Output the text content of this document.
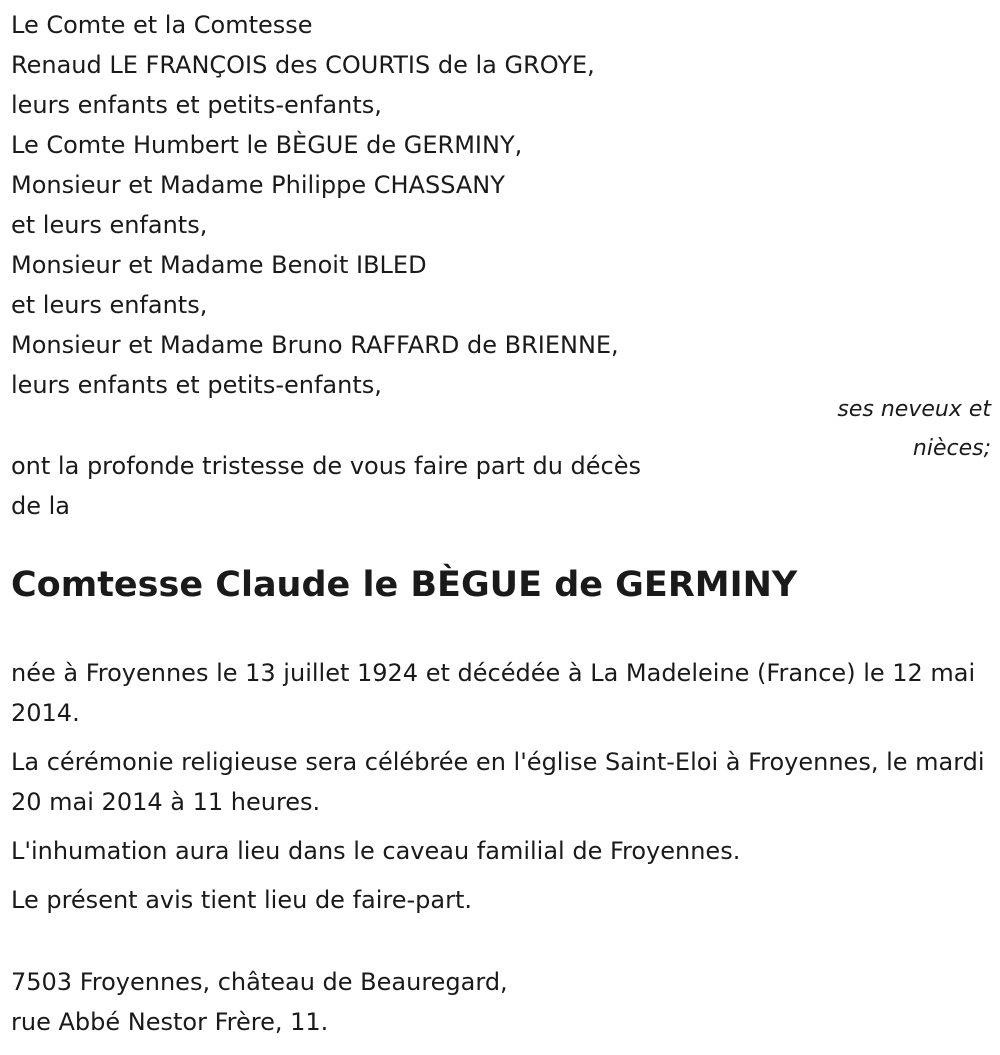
Le Comte et la Comtesse

Renaud LE FRANÇOIS des COURTIS de la GROYE,

leurs enfants et petits-enfants,

Le Comte Humbert le BÈGUE de GERMINY,

Monsieur et Madame Philippe CHASSANY

et leurs enfants,

Monsieur et Madame Benoit IBLED

et leurs enfants,

Monsieur et Madame Bruno RAFFARD de BRIENNE,

leurs enfants et petits-enfants,

ses neveux et nièces;

ont la profonde tristesse de vous faire part du décès

de la

Comtesse Claude le BÈGUE de GERMINY

née à Froyennes le 13 juillet 1924 et décédée à La Madeleine (France) le 12 mai 2014.

La cérémonie religieuse sera célébrée en l'église Saint-Eloi à Froyennes, le mardi 20 mai 2014 à 11 heures.

L'inhumation aura lieu dans le caveau familial de Froyennes.

Le présent avis tient lieu de faire-part.

7503 Froyennes, château de Beauregard,

rue Abbé Nestor Frère, 11.
